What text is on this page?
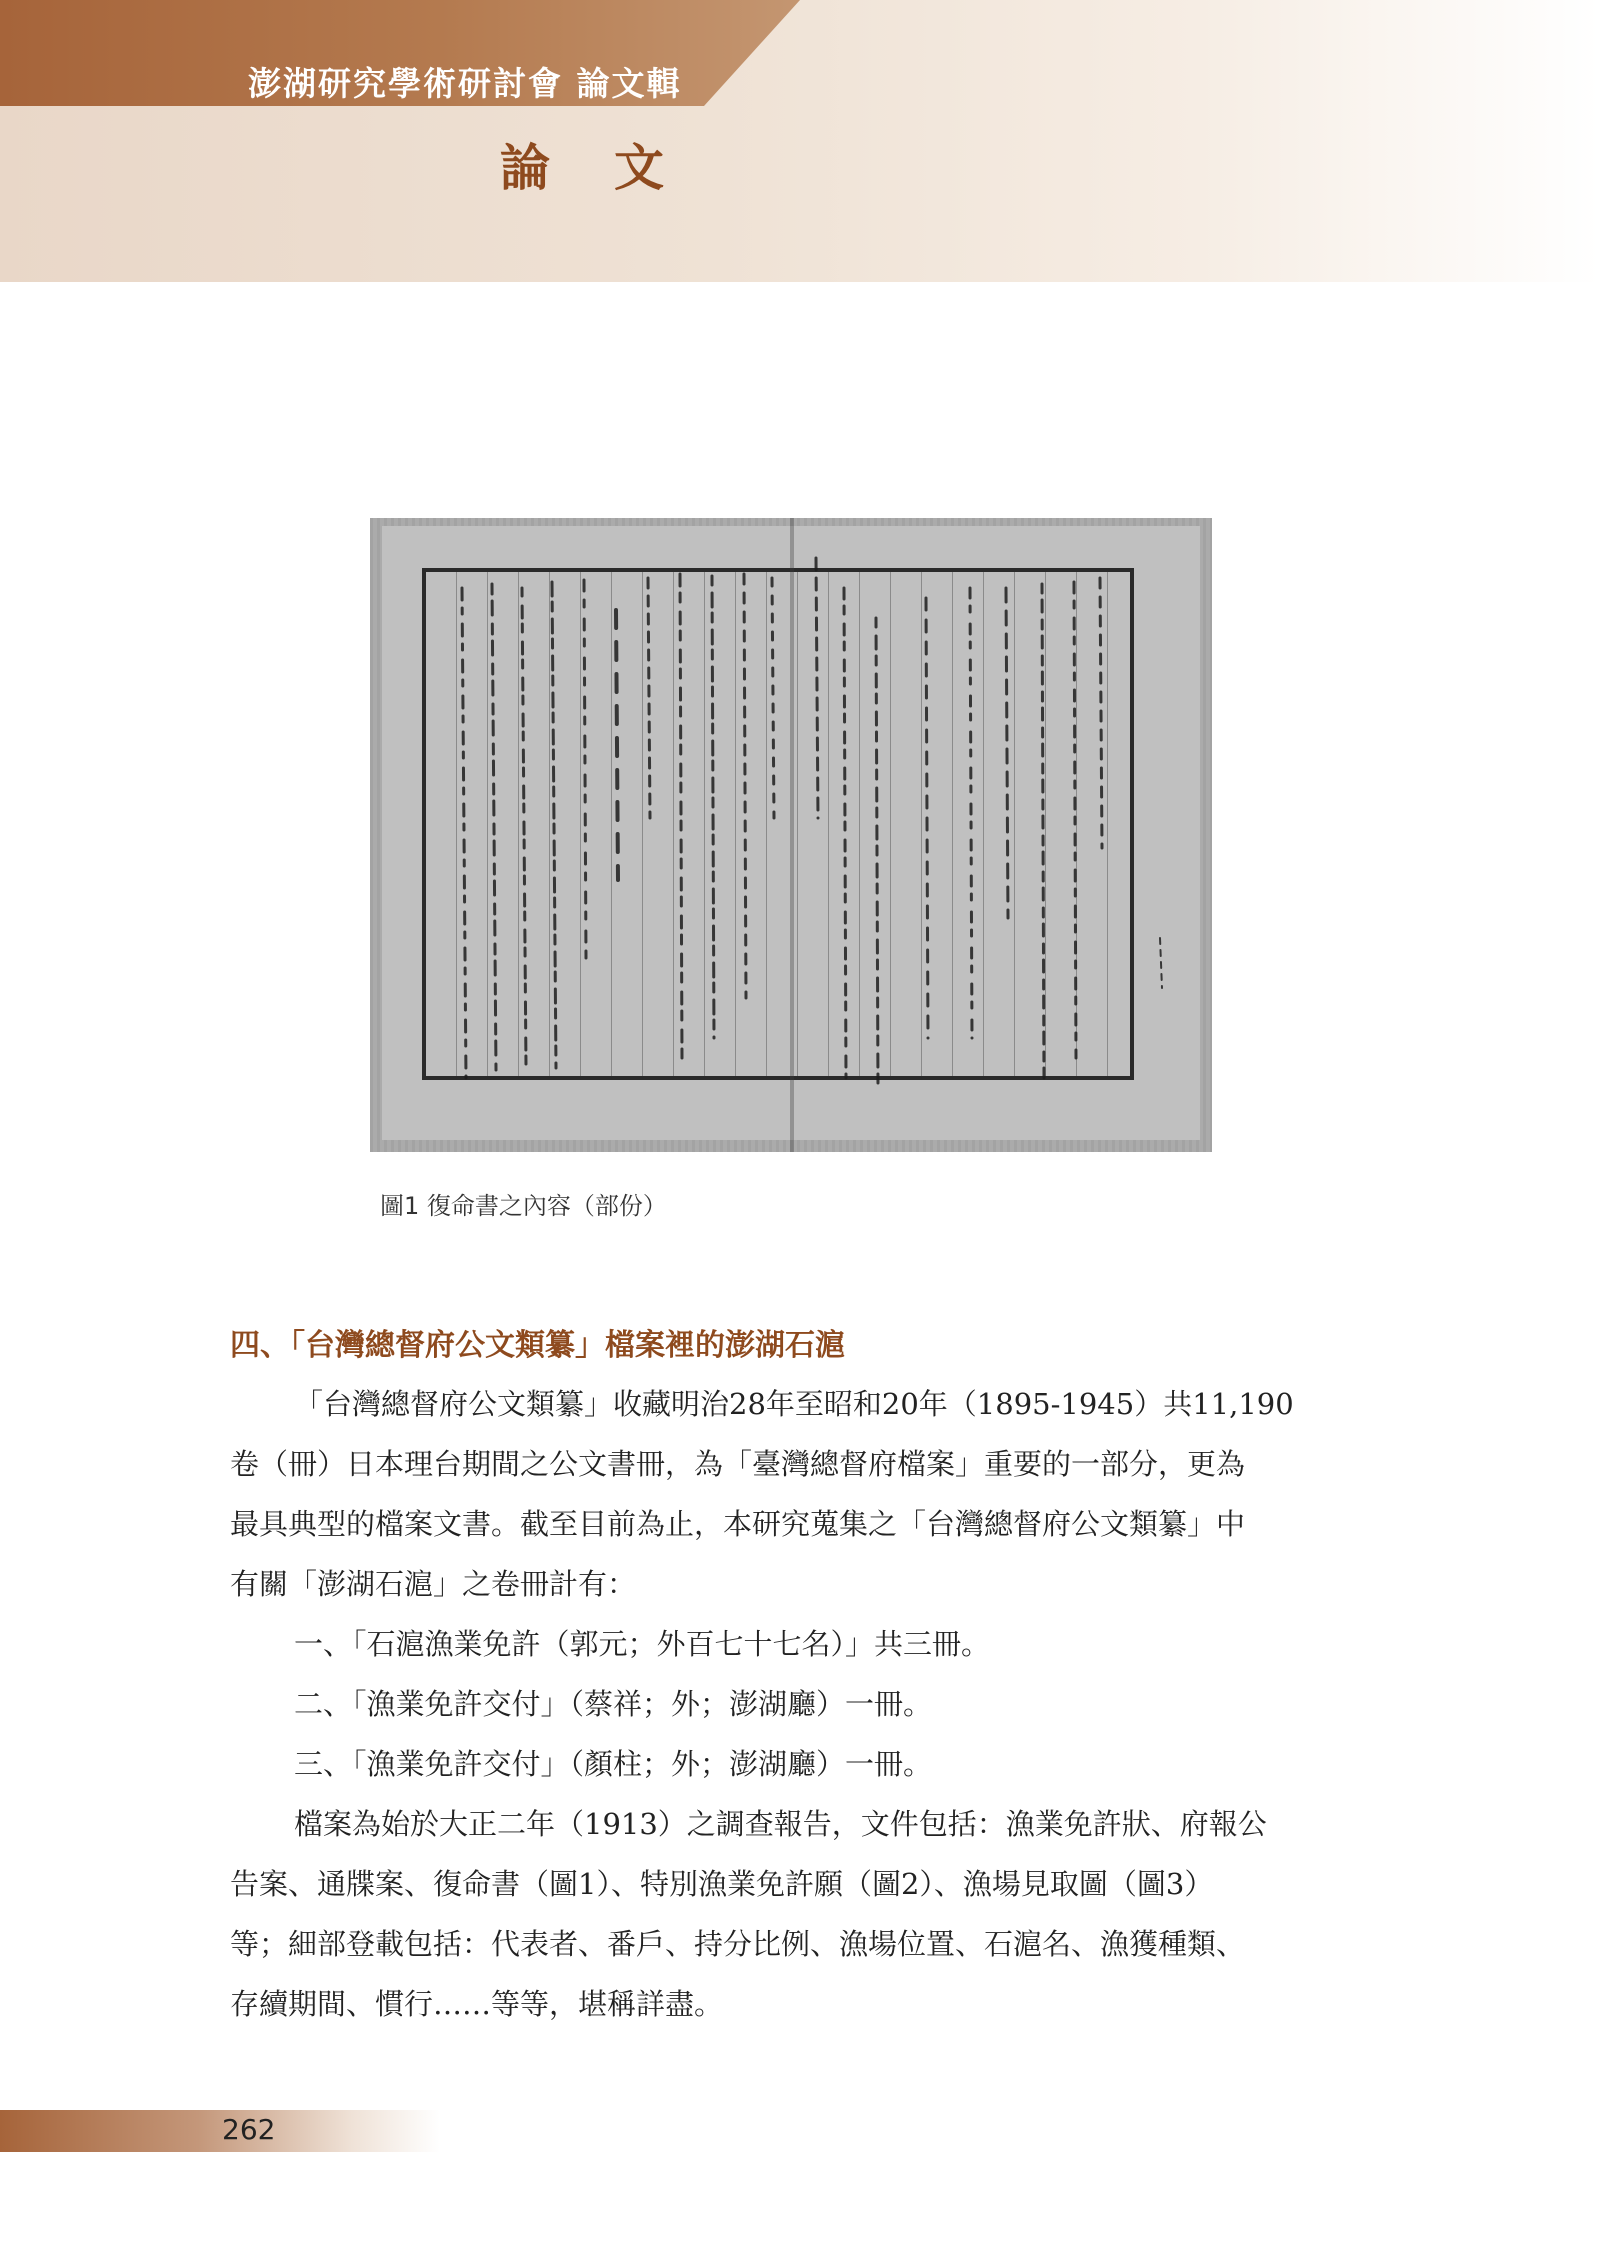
澎湖研究學術研討會 論文輯
論文
圖1 復命書之內容（部份）
四、「台灣總督府公文類纂」檔案裡的澎湖石滬
「台灣總督府公文類纂」收藏明治28年至昭和20年（1895-1945）共11,190
卷（冊）日本理台期間之公文書冊，為「臺灣總督府檔案」重要的一部分，更為
最具典型的檔案文書。截至目前為止，本研究蒐集之「台灣總督府公文類纂」中
有關「澎湖石滬」之卷冊計有：
一、「石滬漁業免許（郭元；外百七十七名）」共三冊。
二、「漁業免許交付」（蔡祥；外；澎湖廳）一冊。
三、「漁業免許交付」（顏柱；外；澎湖廳）一冊。
檔案為始於大正二年（1913）之調查報告，文件包括：漁業免許狀、府報公
告案、通牒案、復命書（圖1）、特別漁業免許願（圖2）、漁場見取圖（圖3）
等；細部登載包括：代表者、番戶、持分比例、漁場位置、石滬名、漁獲種類、
存續期間、慣行……等等，堪稱詳盡。
262
